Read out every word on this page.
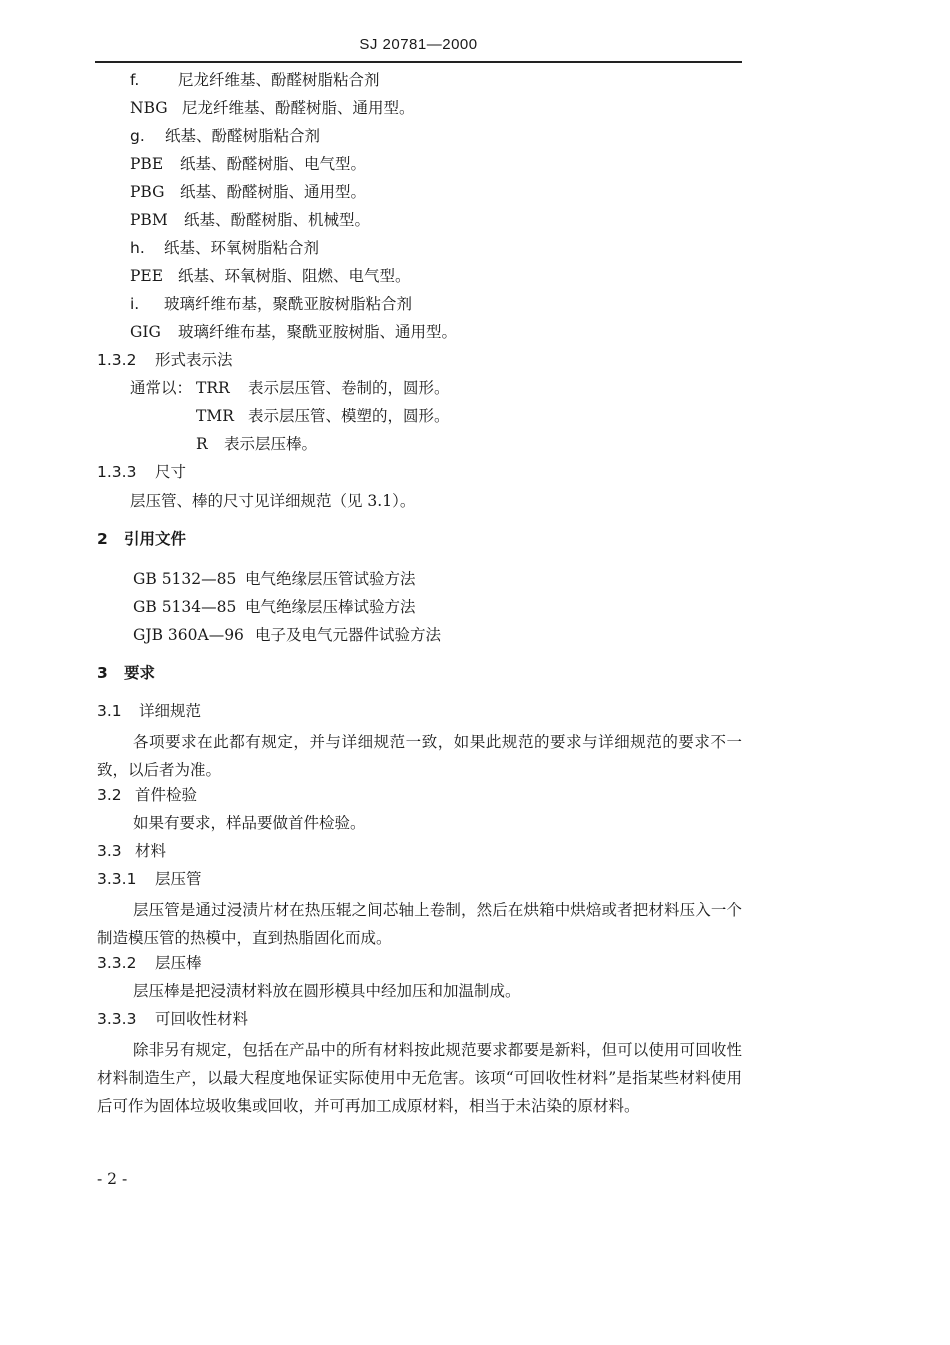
SJ 20781—2000
f. 尼龙纤维基、酚醛树脂粘合剂
NBG 尼龙纤维基、酚醛树脂、通用型。
g. 纸基、酚醛树脂粘合剂
PBE 纸基、酚醛树脂、电气型。
PBG 纸基、酚醛树脂、通用型。
PBM 纸基、酚醛树脂、机械型。
h. 纸基、环氧树脂粘合剂
PEE 纸基、环氧树脂、阻燃、电气型。
i. 玻璃纤维布基，聚酰亚胺树脂粘合剂
GIG 玻璃纤维布基，聚酰亚胺树脂、通用型。
1.3.2 形式表示法
通常以： TRR 表示层压管、卷制的，圆形。
TMR 表示层压管、模塑的，圆形。
R 表示层压棒。
1.3.3 尺寸
层压管、棒的尺寸见详细规范（见 3.1）。
2 引用文件
GB 5132—85 电气绝缘层压管试验方法
GB 5134—85 电气绝缘层压棒试验方法
GJB 360A—96 电子及电气元器件试验方法
3 要求
3.1 详细规范
各项要求在此都有规定，并与详细规范一致，如果此规范的要求与详细规范的要求不一致，以后者为准。
3.2 首件检验
如果有要求，样品要做首件检验。
3.3 材料
3.3.1 层压管
层压管是通过浸渍片材在热压辊之间芯轴上卷制，然后在烘箱中烘焙或者把材料压入一个制造模压管的热模中，直到热脂固化而成。
3.3.2 层压棒
层压棒是把浸渍材料放在圆形模具中经加压和加温制成。
3.3.3 可回收性材料
除非另有规定，包括在产品中的所有材料按此规范要求都要是新料，但可以使用可回收性材料制造生产，以最大程度地保证实际使用中无危害。该项“可回收性材料”是指某些材料使用后可作为固体垃圾收集或回收，并可再加工成原材料，相当于未沾染的原材料。
- 2 -
